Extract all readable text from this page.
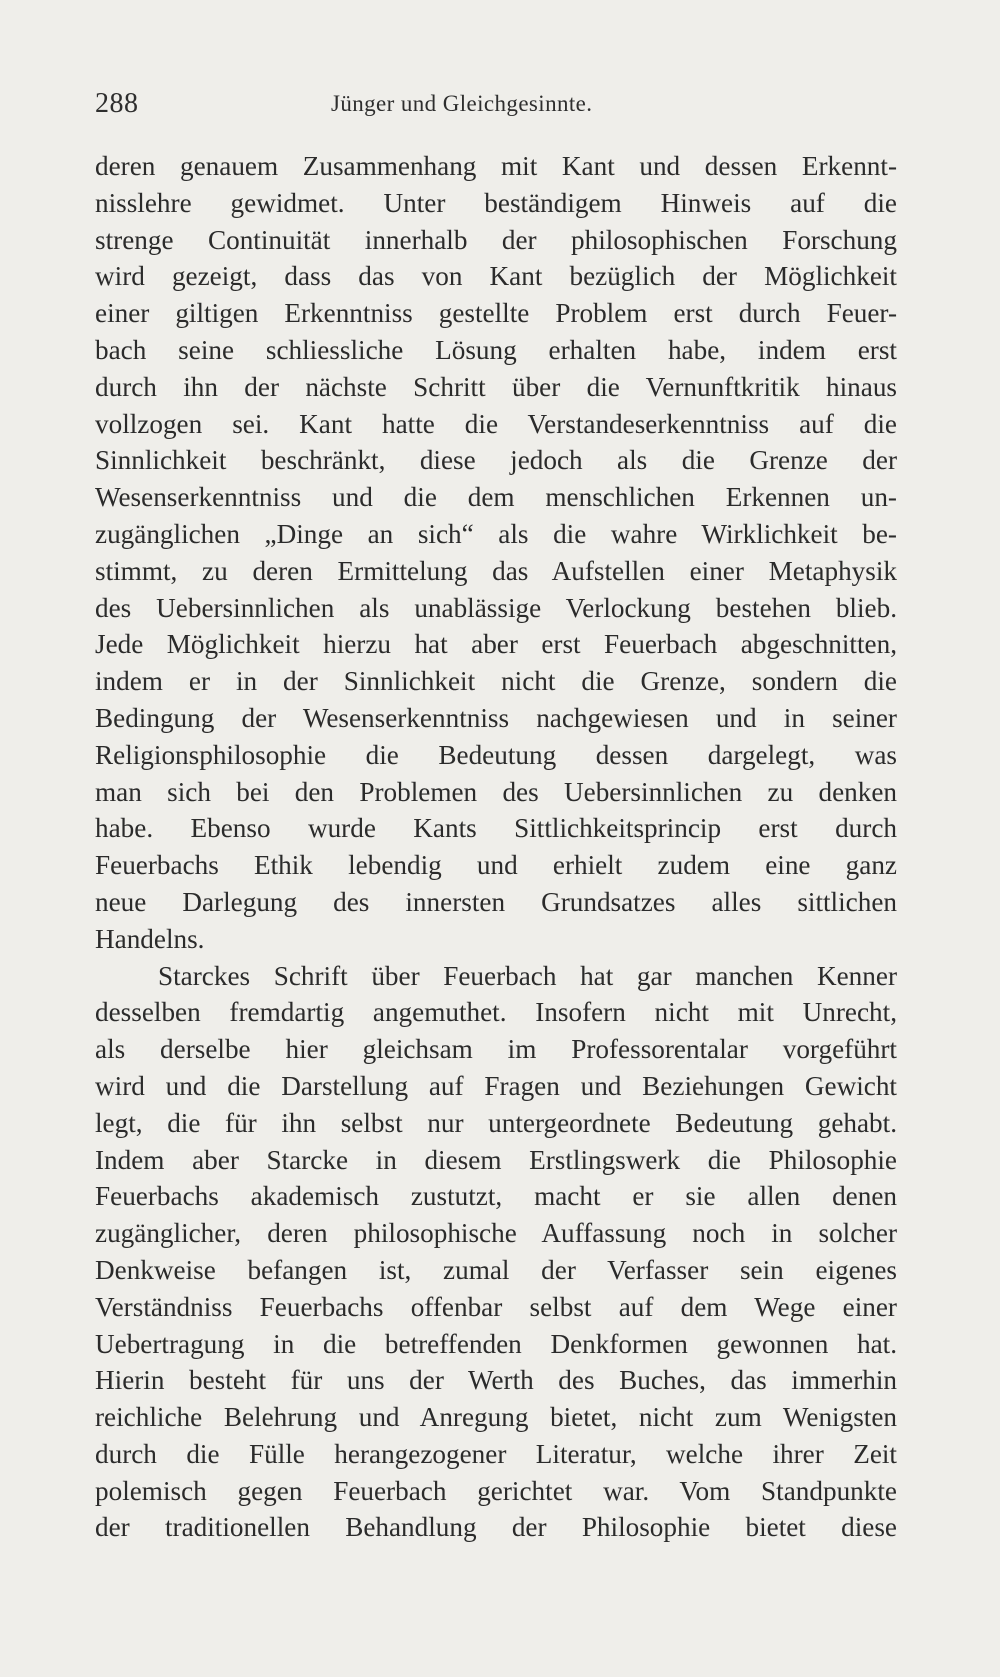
288	Jünger und Gleichgesinnte.
deren genauem Zusammenhang mit Kant und dessen Erkennt-
nisslehre gewidmet. Unter beständigem Hinweis auf die
strenge Continuität innerhalb der philosophischen Forschung
wird gezeigt, dass das von Kant bezüglich der Möglichkeit
einer giltigen Erkenntniss gestellte Problem erst durch Feuer-
bach seine schliessliche Lösung erhalten habe, indem erst
durch ihn der nächste Schritt über die Vernunftkritik hinaus
vollzogen sei. Kant hatte die Verstandeserkenntniss auf die
Sinnlichkeit beschränkt, diese jedoch als die Grenze der
Wesenserkenntniss und die dem menschlichen Erkennen un-
zugänglichen „Dinge an sich“ als die wahre Wirklichkeit be-
stimmt, zu deren Ermittelung das Aufstellen einer Metaphysik
des Uebersinnlichen als unablässige Verlockung bestehen blieb.
Jede Möglichkeit hierzu hat aber erst Feuerbach abgeschnitten,
indem er in der Sinnlichkeit nicht die Grenze, sondern die
Bedingung der Wesenserkenntniss nachgewiesen und in seiner
Religionsphilosophie die Bedeutung dessen dargelegt, was
man sich bei den Problemen des Uebersinnlichen zu denken
habe. Ebenso wurde Kants Sittlichkeitsprincip erst durch
Feuerbachs Ethik lebendig und erhielt zudem eine ganz
neue Darlegung des innersten Grundsatzes alles sittlichen
Handelns.
Starckes Schrift über Feuerbach hat gar manchen Kenner
desselben fremdartig angemuthet. Insofern nicht mit Unrecht,
als derselbe hier gleichsam im Professorentalar vorgeführt
wird und die Darstellung auf Fragen und Beziehungen Gewicht
legt, die für ihn selbst nur untergeordnete Bedeutung gehabt.
Indem aber Starcke in diesem Erstlingswerk die Philosophie
Feuerbachs akademisch zustutzt, macht er sie allen denen
zugänglicher, deren philosophische Auffassung noch in solcher
Denkweise befangen ist, zumal der Verfasser sein eigenes
Verständniss Feuerbachs offenbar selbst auf dem Wege einer
Uebertragung in die betreffenden Denkformen gewonnen hat.
Hierin besteht für uns der Werth des Buches, das immerhin
reichliche Belehrung und Anregung bietet, nicht zum Wenigsten
durch die Fülle herangezogener Literatur, welche ihrer Zeit
polemisch gegen Feuerbach gerichtet war. Vom Standpunkte
der traditionellen Behandlung der Philosophie bietet diese
